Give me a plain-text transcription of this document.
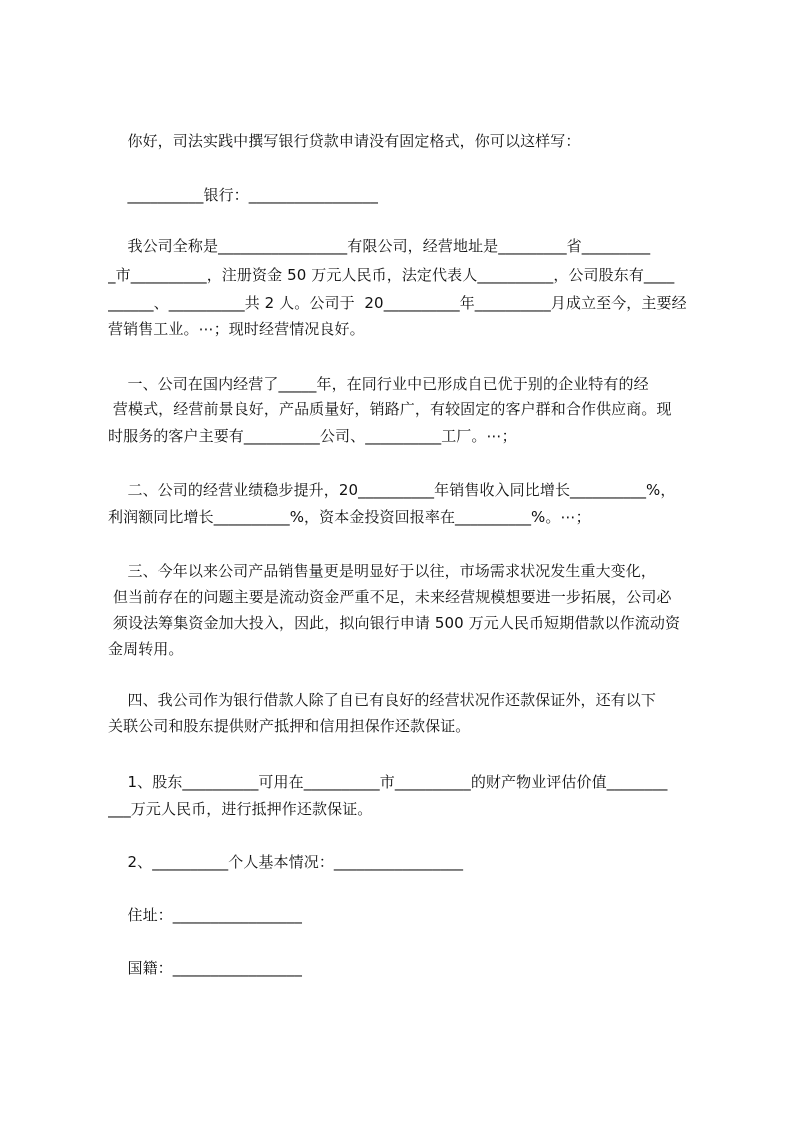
你好，司法实践中撰写银行贷款申请没有固定格式，你可以这样写：
__________银行：_________________
我公司全称是_________________有限公司，经营地址是_________省_________
_市__________，注册资金 50 万元人民币，法定代表人__________，公司股东有____
______、__________共 2 人。公司于  20__________年__________月成立至今，主要经
营销售工业。⋯；现时经营情况良好。
一、公司在国内经营了_____年，在同行业中已形成自已优于别的企业特有的经
营模式，经营前景良好，产品质量好，销路广，有较固定的客户群和合作供应商。现
时服务的客户主要有__________公司、__________工厂。⋯；
二、公司的经营业绩稳步提升，20__________年销售收入同比增长__________%，
利润额同比增长__________%，资本金投资回报率在__________%。⋯；
三、今年以来公司产品销售量更是明显好于以往，市场需求状况发生重大变化，
但当前存在的问题主要是流动资金严重不足，未来经营规模想要进一步拓展，公司必
须设法筹集资金加大投入，因此，拟向银行申请 500 万元人民币短期借款以作流动资
金周转用。
四、我公司作为银行借款人除了自已有良好的经营状况作还款保证外，还有以下
关联公司和股东提供财产抵押和信用担保作还款保证。
1、股东__________可用在__________市__________的财产物业评估价值________
___万元人民币，进行抵押作还款保证。
2、__________个人基本情况：_________________
住址：_________________
国籍：_________________
